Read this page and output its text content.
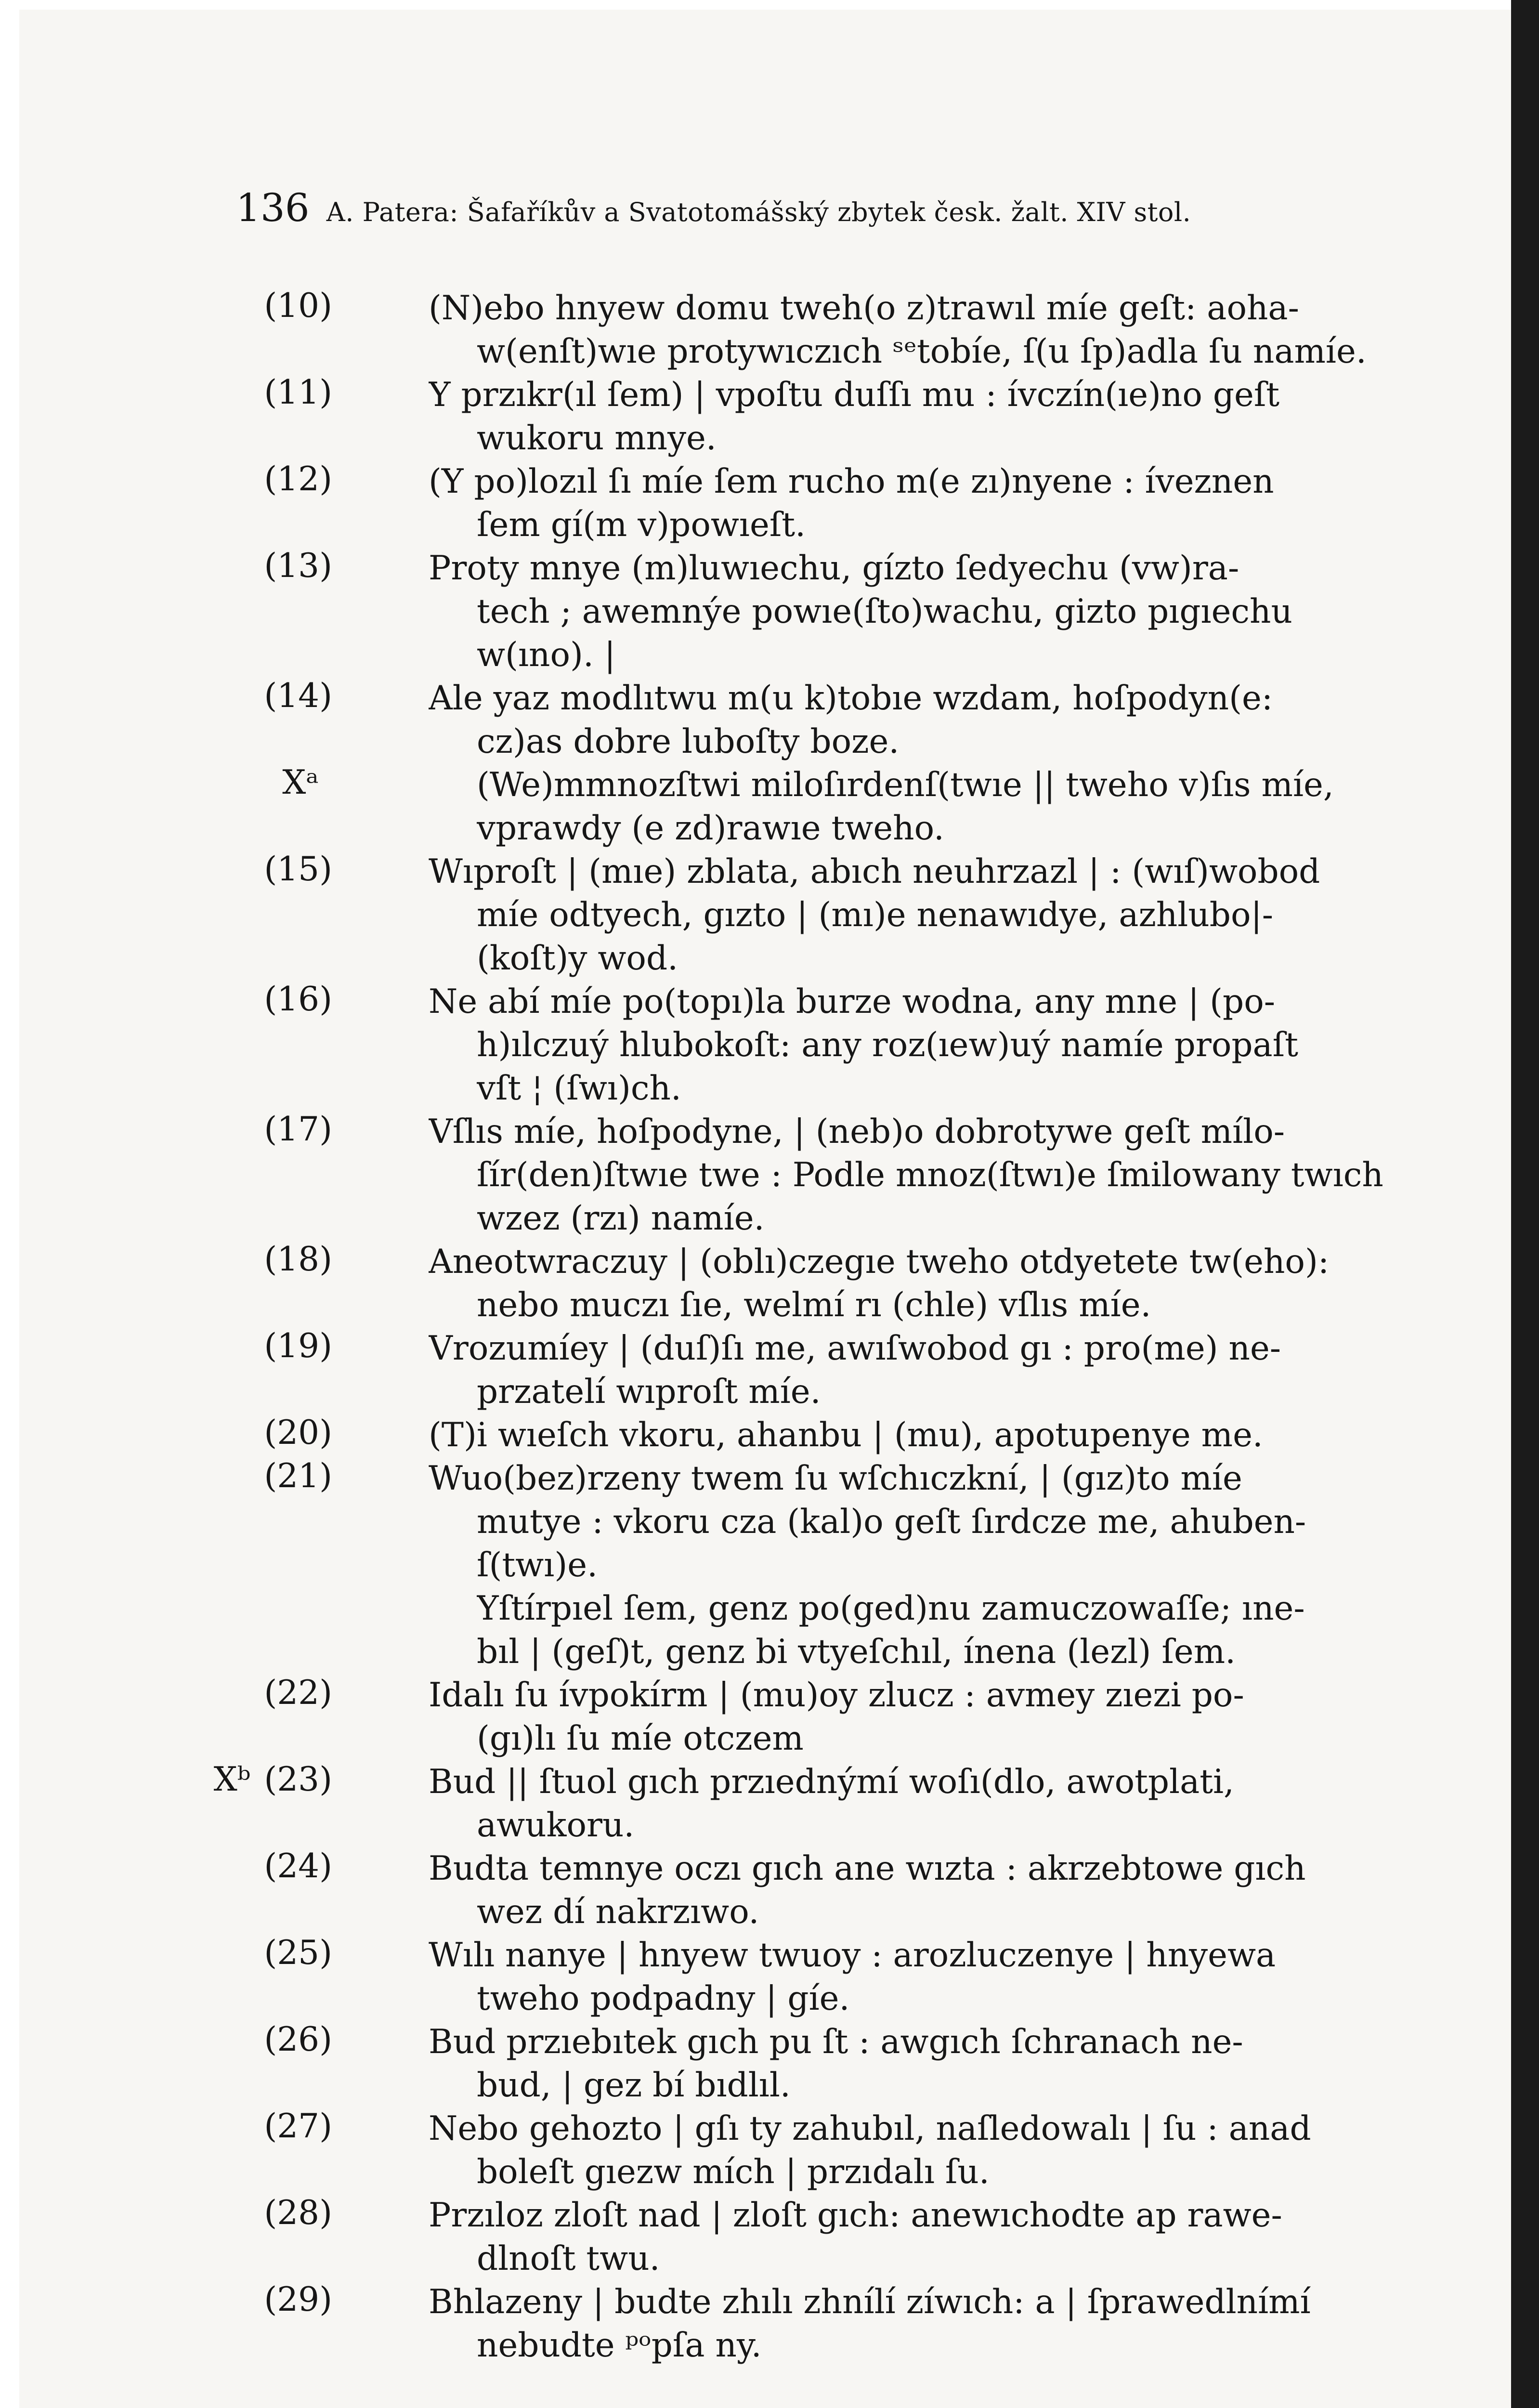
136 A. Patera: Šafaříkův a Svatotomášský zbytek česk. žalt. XIV stol.
(10)	(N)ebo hnyew domu tweh(o z)trawıl míe geſt: aoha-
w(enſt)wıe protywıczıch ˢᵉtobíe, ſ(u ſp)adla ſu namíe.
(11)	Y przıkr(ıl ſem) | vpoſtu duſſı mu : ívczín(ıe)no geſt
wukoru mnye.
(12)	(Y po)lozıl ſı míe ſem rucho m(e zı)nyene : íveznen
ſem gí(m v)powıeſt.
(13)	Proty mnye (m)luwıechu, gízto ſedyechu (vw)ra-
tech ; awemnýe powıe(ſto)wachu, gizto pıgıechu
w(ıno). |
(14)	Ale yaz modlıtwu m(u k)tobıe wzdam, hoſpodyn(e:
cz)as dobre luboſty boze.
Xᵃ	(We)mmnozſtwi miloſırdenſ(twıe || tweho v)ſıs míe,
vprawdy (e zd)rawıe tweho.
(15)	Wıproſt | (mıe) zblata, abıch neuhrzazl | : (wıſ)wobod
míe odtyech, gızto | (mı)e nenawıdye, azhlubo|-
(koſt)y wod.
(16)	Ne abí míe po(topı)la burze wodna, any mne | (po-
h)ılczuý hlubokoſt: any roz(ıew)uý namíe propaſt
vſt ¦ (ſwı)ch.
(17)	Vſlıs míe, hoſpodyne, | (neb)o dobrotywe geſt mílo-
ſír(den)ſtwıe twe : Podle mnoz(ſtwı)e ſmilowany twıch
wzez (rzı) namíe.
(18)	Aneotwraczuy | (oblı)czegıe tweho otdyetete tw(eho):
nebo muczı ſıe, welmí rı (chle) vſlıs míe.
(19)	Vrozumíey | (duſ)ſı me, awıſwobod gı : pro(me) ne-
przatelí wıproſt míe.
(20)	(T)i wıeſch vkoru, ahanbu | (mu), apotupenye me.
(21)	Wuo(bez)rzeny twem ſu wſchıczkní, | (gız)to míe
mutye : vkoru cza (kal)o geſt ſırdcze me, ahuben-
ſ(twı)e.
Yſtírpıel ſem, genz po(ged)nu zamuczowaſſe; ıne-
bıl | (geſ)t, genz bi vtyeſchıl, ínena (lezl) ſem.
(22)	Idalı ſu ívpokírm | (mu)oy zlucz : avmey zıezi po-
(gı)lı ſu míe otczem
Xᵇ (23)	Bud || ſtuol gıch przıednýmí woſı(dlo, awotplati,
awukoru.
(24)	Budta temnye oczı gıch ane wızta : akrzebtowe gıch
wez dí nakrzıwo.
(25)	Wılı nanye | hnyew twuoy : arozluczenye | hnyewa
tweho podpadny | gíe.
(26)	Bud przıebıtek gıch pu ſt : awgıch ſchranach ne-
bud, | gez bí bıdlıl.
(27)	Nebo gehozto | gſı ty zahubıl, naſledowalı | ſu : anad
boleſt gıezw mích | przıdalı ſu.
(28)	Przıloz zloſt nad | zloſt gıch: anewıchodte ap rawe-
dlnoſt twu.
(29)	Bhlazeny | budte zhılı zhnílí zíwıch: a | ſprawedlnímí
nebudte ᵖᵒpſa ny.
